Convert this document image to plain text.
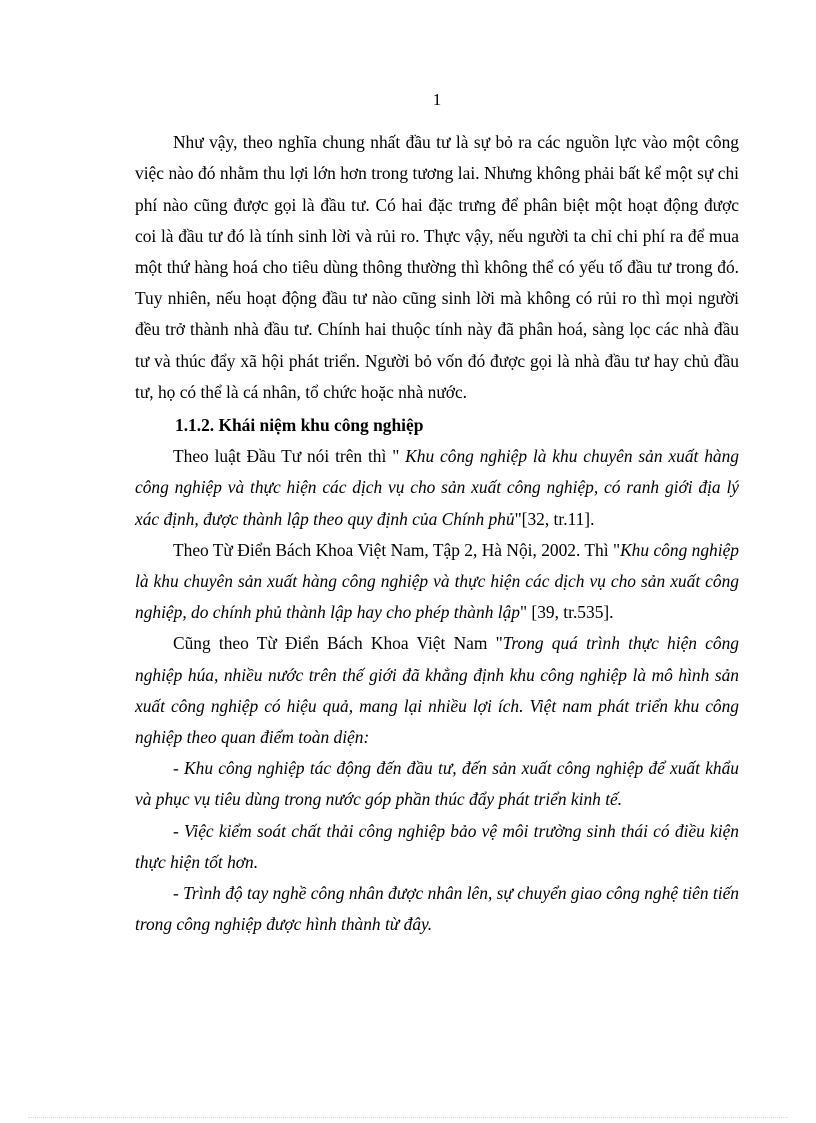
1

Như vậy, theo nghĩa chung nhất đầu tư là sự bỏ ra các nguồn lực vào một công việc nào đó nhằm thu lợi lớn hơn trong tương lai. Nhưng không phải bất kể một sự chi phí nào cũng được gọi là đầu tư. Có hai đặc trưng để phân biệt một hoạt động được coi là đầu tư đó là tính sinh lời và rủi ro. Thực vậy, nếu người ta chỉ chi phí ra để mua một thứ hàng hoá cho tiêu dùng thông thường thì không thể có yếu tố đầu tư trong đó. Tuy nhiên, nếu hoạt động đầu tư nào cũng sinh lời mà không có rủi ro thì mọi người đều trở thành nhà đầu tư. Chính hai thuộc tính này đã phân hoá, sàng lọc các nhà đầu tư và thúc đẩy xã hội phát triển. Người bỏ vốn đó được gọi là nhà đầu tư hay chủ đầu tư, họ có thể là cá nhân, tổ chức hoặc nhà nước.

1.1.2. Khái niệm khu công nghiệp

Theo luật Đầu Tư nói trên thì " Khu công nghiệp là khu chuyên sản xuất hàng công nghiệp và thực hiện các dịch vụ cho sản xuất công nghiệp, có ranh giới địa lý xác định, được thành lập theo quy định của Chính phủ"[32, tr.11].

Theo Từ Điển Bách Khoa Việt Nam, Tập 2, Hà Nội, 2002. Thì "Khu công nghiệp là khu chuyên sản xuất hàng công nghiệp và thực hiện các dịch vụ cho sản xuất công nghiệp, do chính phủ thành lập hay cho phép thành lập" [39, tr.535].

Cũng theo Từ Điển Bách Khoa Việt Nam "Trong quá trình thực hiện công nghiệp húa, nhiều nước trên thế giới đã khẳng định khu công nghiệp là mô hình sản xuất công nghiệp có hiệu quả, mang lại nhiều lợi ích. Việt nam phát triển khu công nghiệp theo quan điểm toàn diện:

- Khu công nghiệp tác động đến đầu tư, đến sản xuất công nghiệp để xuất khẩu và phục vụ tiêu dùng trong nước góp phần thúc đẩy phát triển kinh tế.

- Việc kiểm soát chất thải công nghiệp bảo vệ môi trường sinh thái có điều kiện thực hiện tốt hơn.

- Trình độ tay nghề công nhân được nhân lên, sự chuyển giao công nghệ tiên tiến trong công nghiệp được hình thành từ đây.
